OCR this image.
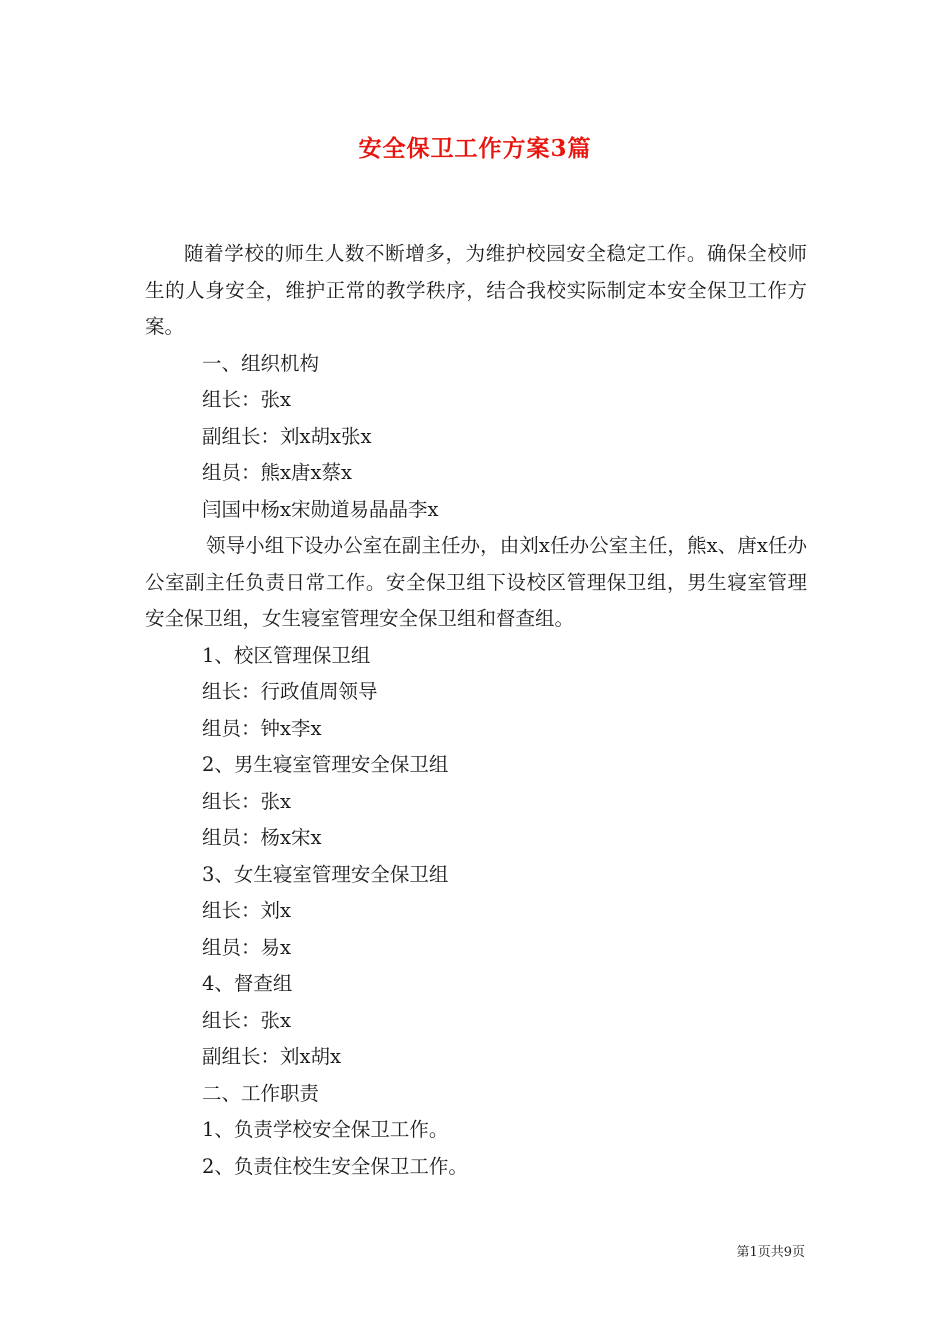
安全保卫工作方案3篇

随着学校的师生人数不断增多，为维护校园安全稳定工作。确保全校师生的人身安全，维护正常的教学秩序，结合我校实际制定本安全保卫工作方案。

一、组织机构

组长：张x

副组长：刘x胡x张x

组员：熊x唐x蔡x

闫国中杨x宋勋道易晶晶李x

领导小组下设办公室在副主任办，由刘x任办公室主任，熊x、唐x任办公室副主任负责日常工作。安全保卫组下设校区管理保卫组，男生寝室管理安全保卫组，女生寝室管理安全保卫组和督查组。

1、校区管理保卫组

组长：行政值周领导

组员：钟x李x

2、男生寝室管理安全保卫组

组长：张x

组员：杨x宋x

3、女生寝室管理安全保卫组

组长：刘x

组员：易x

4、督查组

组长：张x

副组长：刘x胡x

二、工作职责

1、负责学校安全保卫工作。

2、负责住校生安全保卫工作。

第1页共9页
